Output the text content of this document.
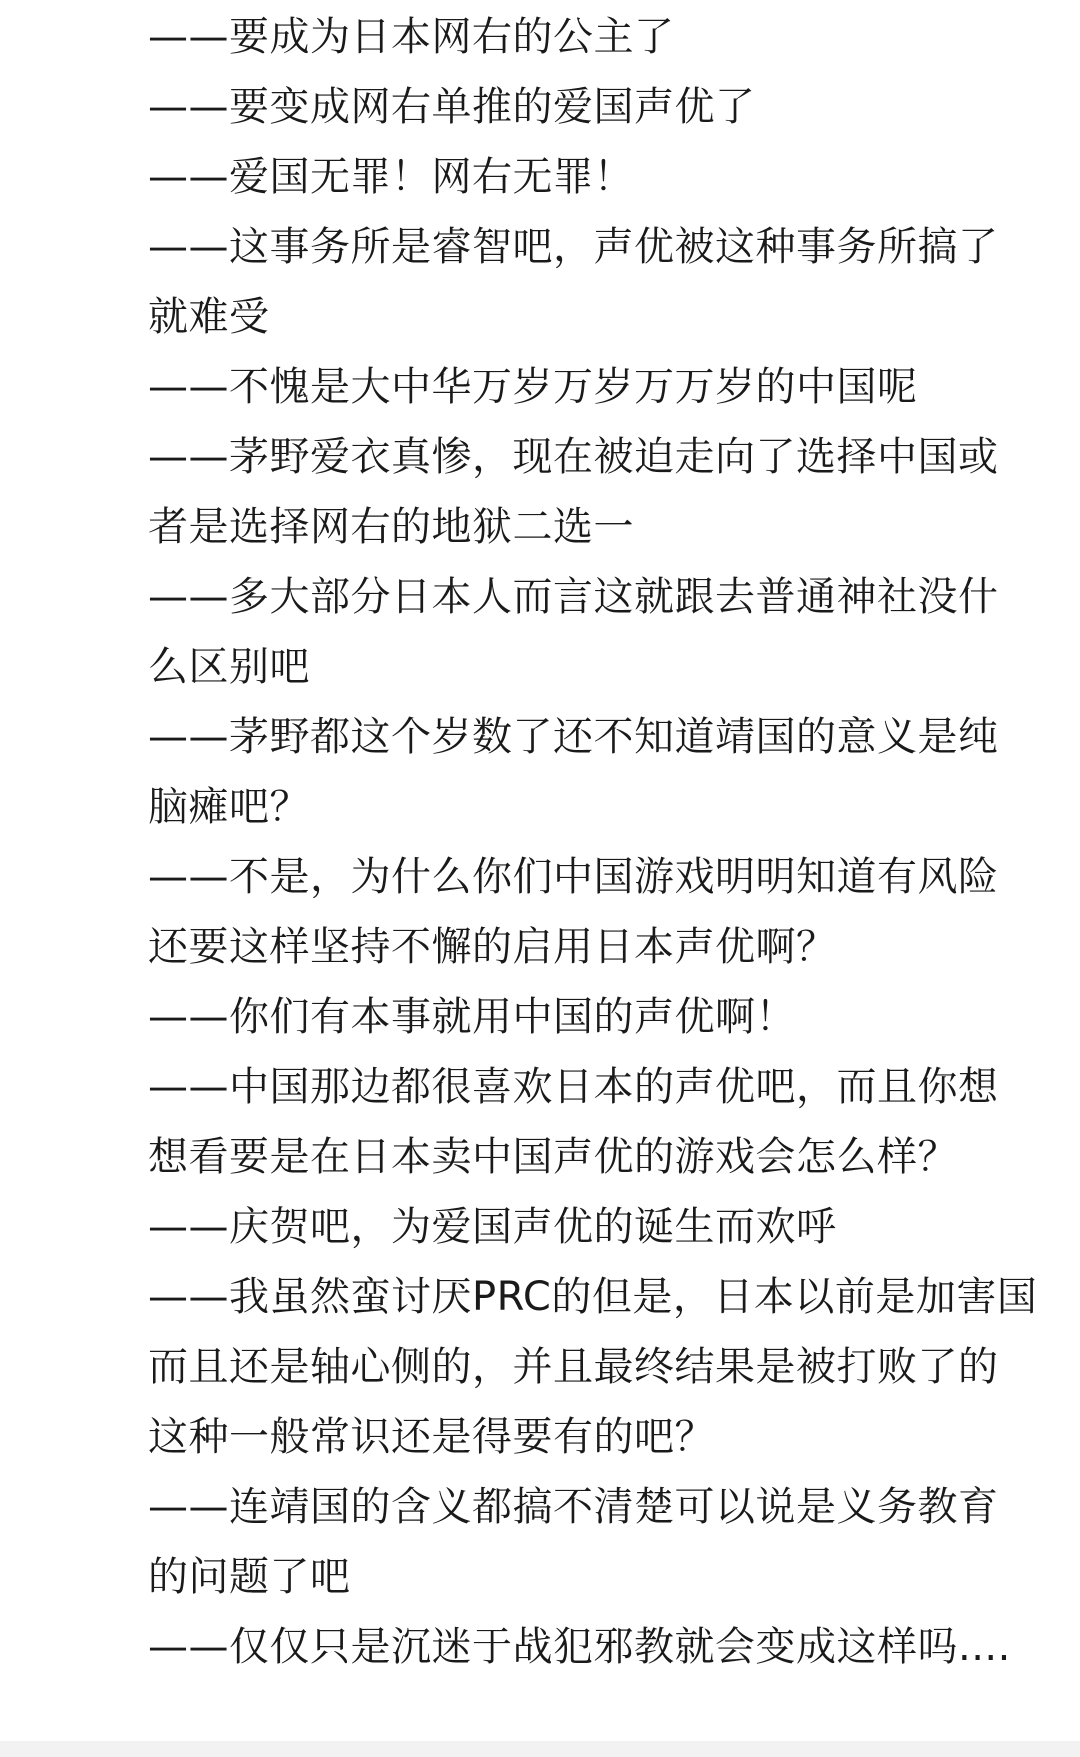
——要成为日本网右的公主了

——要变成网右单推的爱国声优了

——爱国无罪！网右无罪！

——这事务所是睿智吧，声优被这种事务所搞了就难受

——不愧是大中华万岁万岁万万岁的中国呢

——茅野爱衣真惨，现在被迫走向了选择中国或者是选择网右的地狱二选一

——多大部分日本人而言这就跟去普通神社没什么区别吧

——茅野都这个岁数了还不知道靖国的意义是纯脑瘫吧？

——不是，为什么你们中国游戏明明知道有风险还要这样坚持不懈的启用日本声优啊？

——你们有本事就用中国的声优啊！

——中国那边都很喜欢日本的声优吧，而且你想想看要是在日本卖中国声优的游戏会怎么样？

——庆贺吧，为爱国声优的诞生而欢呼

——我虽然蛮讨厌PRC的但是，日本以前是加害国而且还是轴心侧的，并且最终结果是被打败了的

这种一般常识还是得要有的吧？

——连靖国的含义都搞不清楚可以说是义务教育的问题了吧

——仅仅只是沉迷于战犯邪教就会变成这样吗....
